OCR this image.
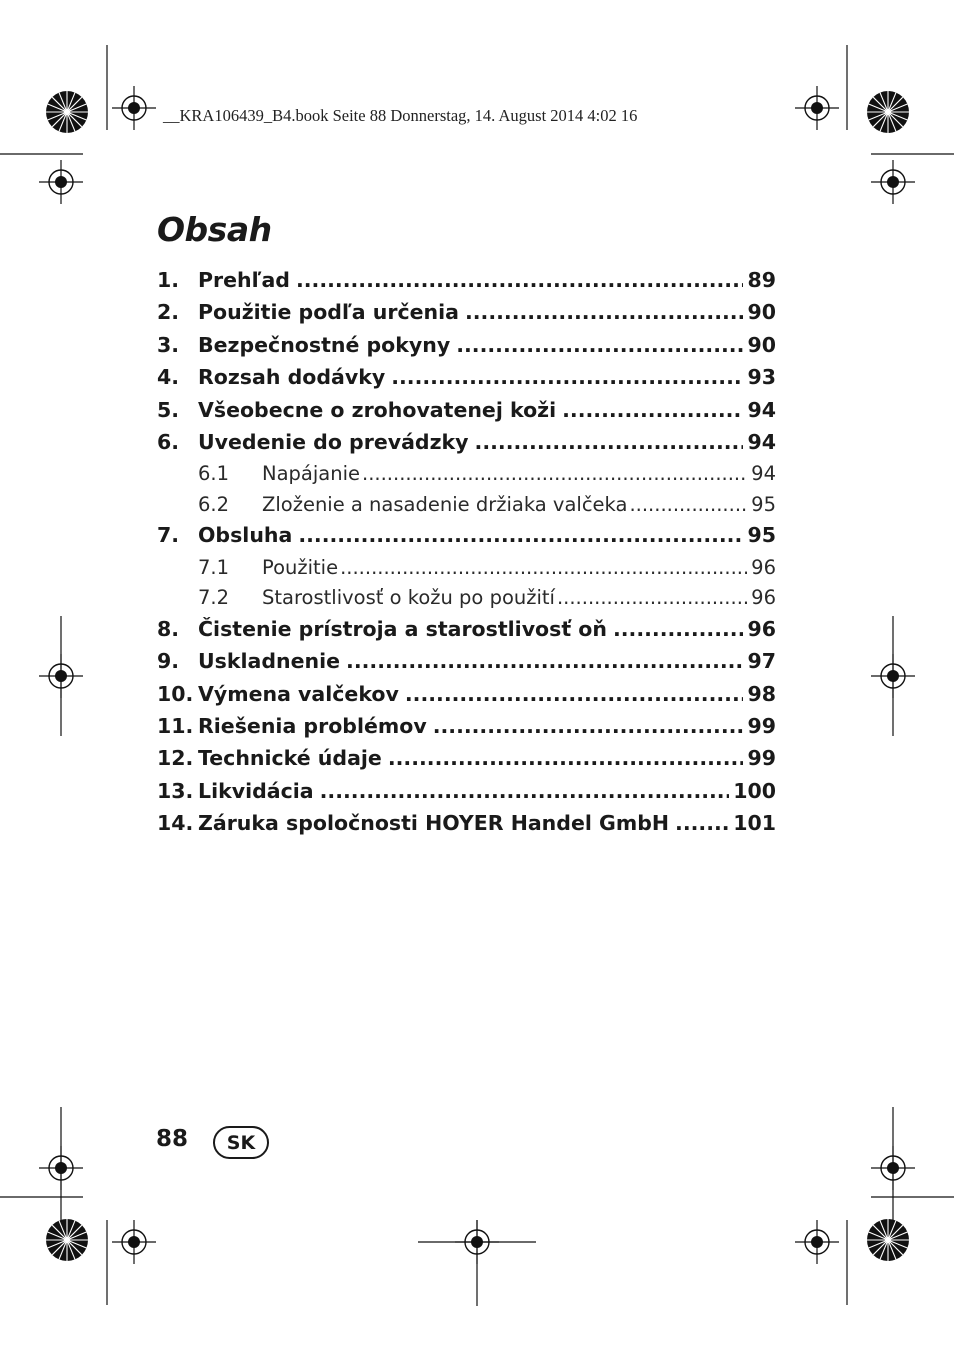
__KRA106439_B4.book Seite 88 Donnerstag, 14. August 2014 4:02 16
Obsah
1. Prehľad .....	89
2. Použitie podľa určenia .....	90
3. Bezpečnostné pokyny .....	90
4. Rozsah dodávky .....	93
5. Všeobecne o zrohovatenej koži .....	94
6. Uvedenie do prevádzky .....	94
6.1	Napájanie .....	94
6.2	Zloženie a nasadenie držiaka valčeka .....	95
7. Obsluha .....	95
7.1	Použitie .....	96
7.2	Starostlivosť o kožu po použití .....	96
8. Čistenie prístroja a starostlivosť oň .....	96
9. Uskladnenie .....	97
10. Výmena valčekov .....	98
11. Riešenia problémov .....	99
12. Technické údaje .....	99
13. Likvidácia .....	100
14. Záruka spoločnosti HOYER Handel GmbH .....	101
88	SK
